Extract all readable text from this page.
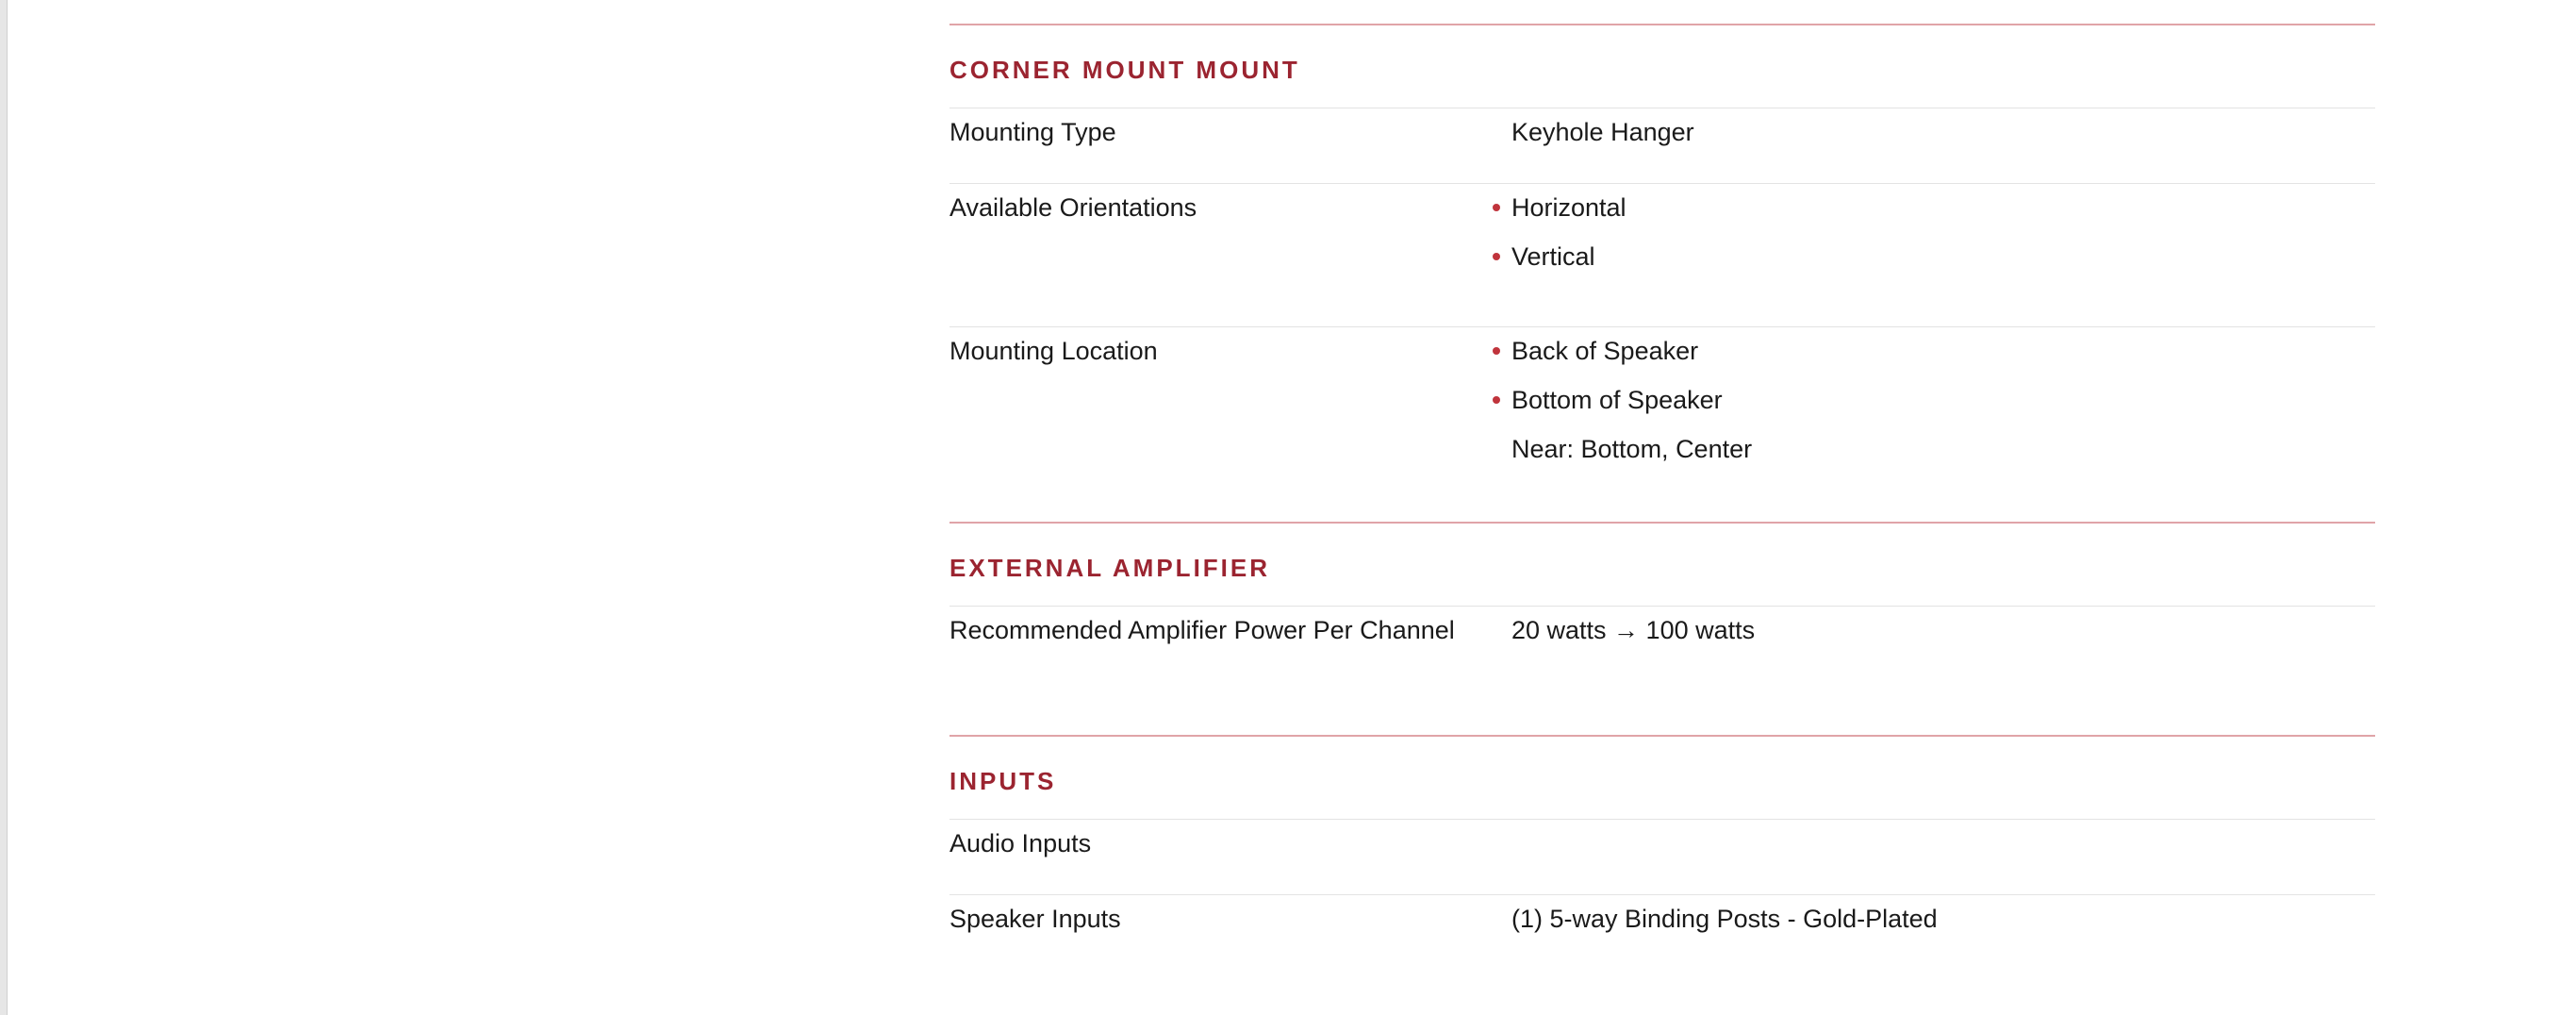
CORNER MOUNT MOUNT
Mounting Type	Keyhole Hanger
Available Orientations	Horizontal
Vertical
Mounting Location	Back of Speaker
Bottom of Speaker
Near: Bottom, Center
EXTERNAL AMPLIFIER
Recommended Amplifier Power Per Channel	20 watts → 100 watts
INPUTS
Audio Inputs
Speaker Inputs	(1) 5-way Binding Posts - Gold-Plated
